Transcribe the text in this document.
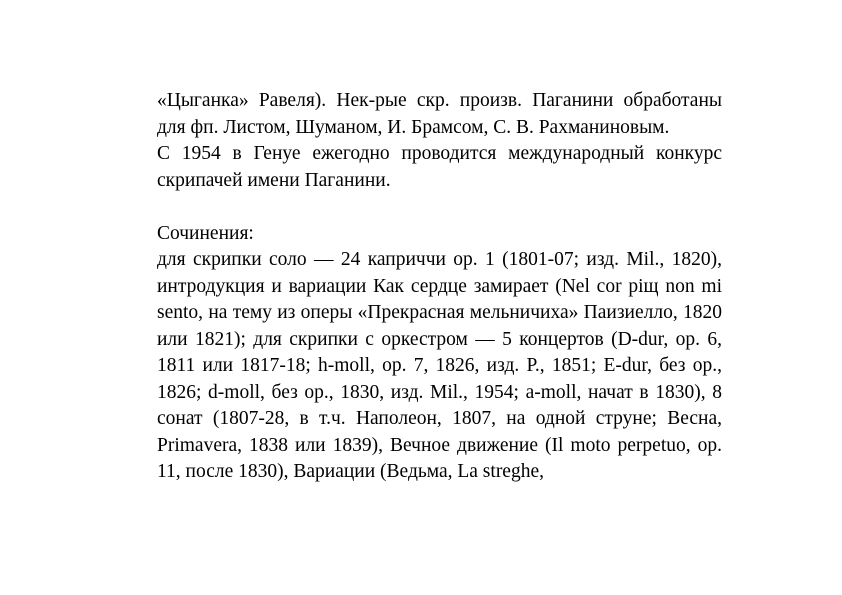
«Цыганка» Равеля). Нек-рые скр. произв. Паганини обработаны для фп. Листом, Шуманом, И. Брамсом, С. В. Рахманиновым.

С 1954 в Генуе ежегодно проводится международный конкурс скрипачей имени Паганини.

Сочинения:

для скрипки соло — 24 каприччи ор. 1 (1801-07; изд. Mil., 1820), интродукция и вариации Как сердце замирает (Nel cor piщ non mi sento, на тему из оперы «Прекрасная мельничиха» Паизиелло, 1820 или 1821); для скрипки с оркестром — 5 концертов (D-dur, ор. 6, 1811 или 1817-18; h-moll, ор. 7, 1826, изд. Р., 1851; E-dur, без ор., 1826; d-moll, без ор., 1830, изд. Mil., 1954; a-moll, начат в 1830), 8 сонат (1807-28, в т.ч. Наполеон, 1807, на одной струне; Весна, Primavera, 1838 или 1839), Вечное движение (Il moto perpetuo, ор. 11, после 1830), Вариации (Ведьма, La streghe,
